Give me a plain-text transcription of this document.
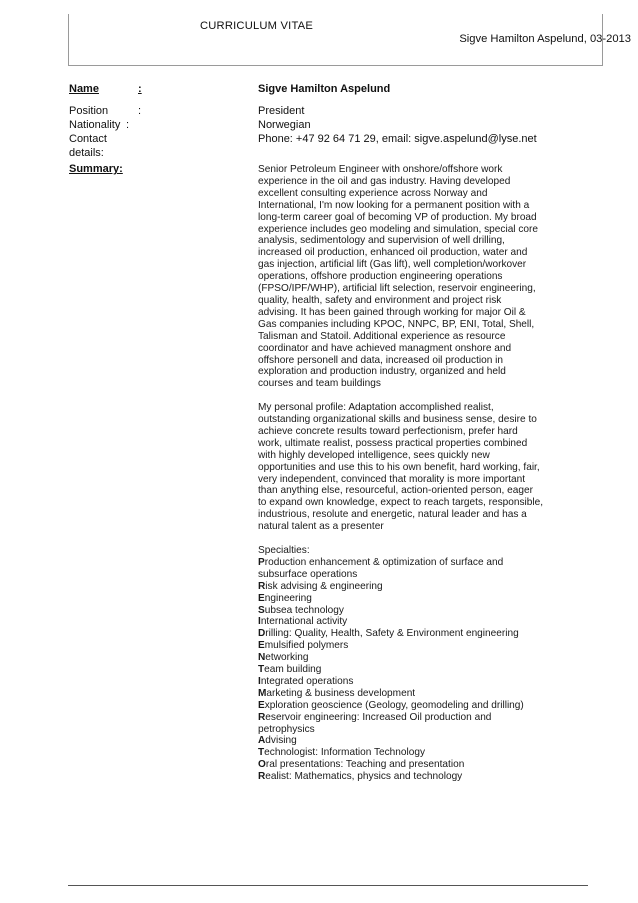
CURRICULUM VITAE
Sigve Hamilton Aspelund, 03-2013
Name	:	Sigve Hamilton Aspelund
Position	:	President
Nationality :	Norwegian
Contact details:
Phone: +47 92 64 71 29, email: sigve.aspelund@lyse.net
Summary:	Senior Petroleum Engineer with onshore/offshore work
experience in the oil and gas industry. Having developed
excellent consulting experience across Norway and
International, I'm now looking for a permanent position with a
long-term career goal of becoming VP of production. My broad
experience includes geo modeling and simulation, special core
analysis, sedimentology and supervision of well drilling,
increased oil production, enhanced oil production, water and
gas injection, artificial lift (Gas lift), well completion/workover
operations, offshore production engineering operations
(FPSO/IPF/WHP), artificial lift selection, reservoir engineering,
quality, health, safety and environment and project risk
advising. It has been gained through working for major Oil &
Gas companies including KPOC, NNPC, BP, ENI, Total, Shell,
Talisman and Statoil. Additional experience as resource
coordinator and have achieved managment onshore and
offshore personell and data, increased oil production in
exploration and production industry, organized and held
courses and team buildings
My personal profile: Adaptation accomplished realist,
outstanding organizational skills and business sense, desire to
achieve concrete results toward perfectionism, prefer hard
work, ultimate realist, possess practical properties combined
with highly developed intelligence, sees quickly new
opportunities and use this to his own benefit, hard working, fair,
very independent, convinced that morality is more important
than anything else, resourceful, action-oriented person, eager
to expand own knowledge, expect to reach targets, responsible,
industrious, resolute and energetic, natural leader and has a
natural talent as a presenter
Specialties:
Production enhancement & optimization of surface and
subsurface operations
Risk advising & engineering
Engineering
Subsea technology
International activity
Drilling: Quality, Health, Safety & Environment engineering
Emulsified polymers
Networking
Team building
Integrated operations
Marketing & business development
Exploration geoscience (Geology, geomodeling and drilling)
Reservoir engineering: Increased Oil production and
petrophysics
Advising
Technologist: Information Technology
Oral presentations: Teaching and presentation
Realist: Mathematics, physics and technology
